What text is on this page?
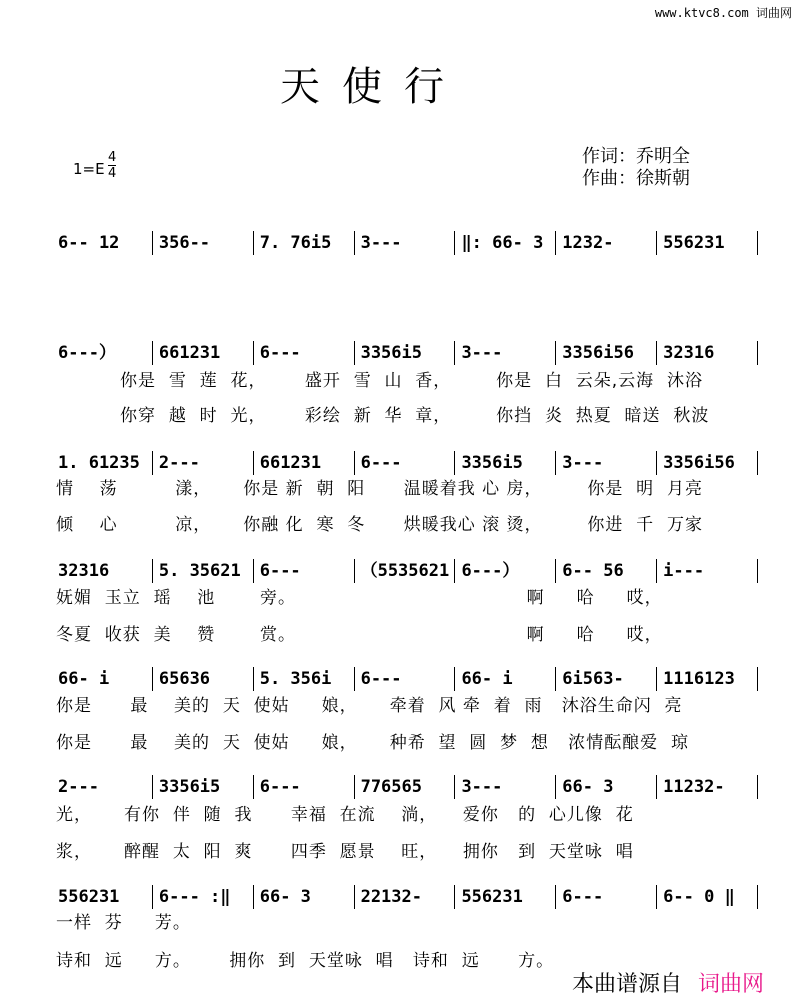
www.ktvc8.com 词曲网
天使行
$1=E \frac{4}{4}$	作词：乔明全
作曲：徐斯朝
6-- 12	356--	7. 76i5	3---	‖: 66- 3	1232-	556231
6---）	661231	6---	3356i5	3---	3356i56	32316
1. 61235	2---	661231	6---	3356i5	3---	3356i56
32316	5. 35621	6---	（5535621 6---）	6-- 56	i---
66- i	65636	5. 356i	6---	66- i	6i563-	1116123
2---	3356i5	6---	776565	3---	66- 3	11232-
556231	6--- :‖	66- 3	22132-	556231	6---	6-- 0 ‖
你是  雪  莲  花，      盛开  雪  山  香，       你是  白  云朵,云海  沐浴
你穿  越  时  光，      彩绘  新  华  章，       你挡  炎  热夏  暗送  秋波
情    荡         漾，     你是 新  朝  阳      温暖着我 心 房，       你是  明  月亮
倾    心         凉，     你融 化  寒  冬      烘暖我心 滚 烫，       你进  千  万家
妩媚  玉立  瑶    池       旁。                                    啊     哈     哎，
冬夏  收获  美    赞       赏。                                    啊     哈     哎，
你是      最    美的  天  使姑     娘，     牵着  风 牵  着  雨   沐浴生命闪  亮
你是      最    美的  天  使姑     娘，     种希  望  圆  梦  想   浓情酝酿爱  琼
光，     有你  伴  随  我      幸福  在流    淌，    爱你   的  心儿像  花
浆，     醉醒  太  阳  爽      四季  愿景    旺，    拥你   到  天堂咏  唱
一样  芬     芳。
诗和  远     方。      拥你  到  天堂咏  唱   诗和  远      方。
本曲谱源自 词曲网
